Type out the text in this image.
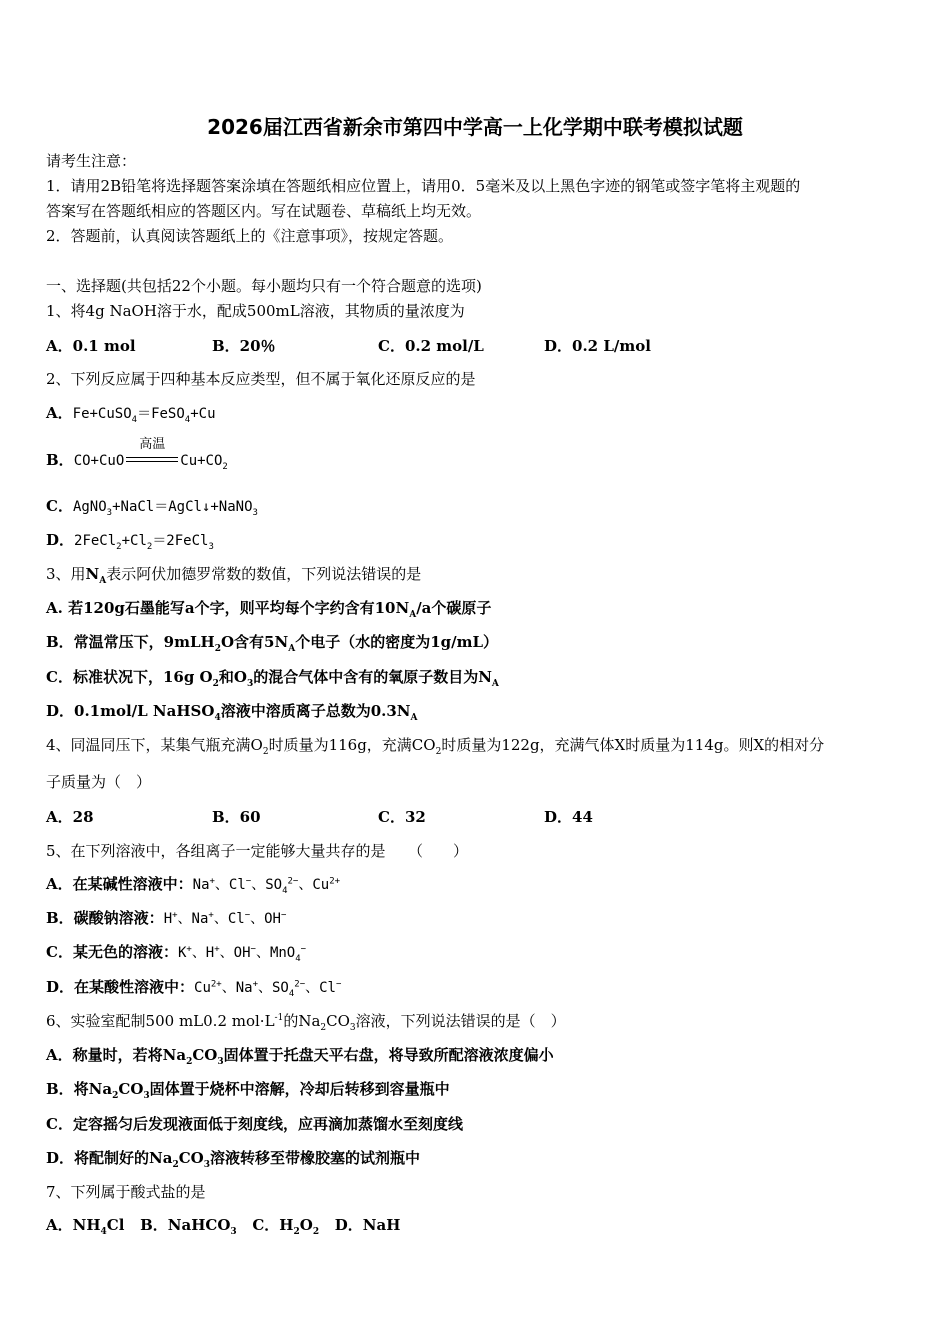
2026届江西省新余市第四中学高一上化学期中联考模拟试题
请考生注意：
1．请用2B铅笔将选择题答案涂填在答题纸相应位置上，请用0．5毫米及以上黑色字迹的钢笔或签字笔将主观题的
答案写在答题纸相应的答题区内。写在试题卷、草稿纸上均无效。
2．答题前，认真阅读答题纸上的《注意事项》，按规定答题。
一、选择题(共包括22个小题。每小题均只有一个符合题意的选项)
1、将4g NaOH溶于水，配成500mL溶液，其物质的量浓度为
A．0.1 mol	B．20％	C．0.2 mol/L	D．0.2 L/mol
2、下列反应属于四种基本反应类型，但不属于氧化还原反应的是
A．Fe+CuSO$_4$＝FeSO$_4$+Cu
B．CO+CuO
高温
$Cu+CO_2$
C．AgNO$_3$+NaCl＝AgCl↓+NaNO$_3$
D．$2FeCl_2+Cl_2=2FeCl_3$
3、用$N_A$表示阿伏加德罗常数的数值，下列说法错误的是
A. 若120g石墨能写a个字，则平均每个字约含有$10N_A/a$个碳原子
B．常温常压下，9mLH$_2$O含有$5N_A$个电子（水的密度为1g/mL）
C．标准状况下，16g $O_2$和$O_3$的混合气体中含有的氧原子数目为$N_A$
D．0.1mol/L NaHSO$_4$溶液中溶质离子总数为$0.3N_A$
4、同温同压下，某集气瓶充满$O_2$时质量为116g，充满$CO_2$时质量为122g，充满气体X时质量为114g。则X的相对分
子质量为（　）
A．28	B．60	C．32	D．44
5、在下列溶液中，各组离子一定能够大量共存的是　　（　　）
A．在某碱性溶液中：Na+、Cl−、$SO_4^{2-}$、$Cu^{2+}$
B．碳酸钠溶液：H+、Na+、Cl−、OH−
C．某无色的溶液：K+、H+、OH−、MnO$_4$−
D．在某酸性溶液中：$Cu^{2+}$、Na+、$SO_4^{2-}$、Cl−
6、实验室配制500 mL0.2 $mol\cdot L^{-1}$的$Na_2CO_3$溶液，下列说法错误的是（　）
A．称量时，若将$Na_2CO_3$固体置于托盘天平右盘，将导致所配溶液浓度偏小
B．将$Na_2CO_3$固体置于烧杯中溶解，冷却后转移到容量瓶中
C．定容摇匀后发现液面低于刻度线，应再滴加蒸馏水至刻度线
D．将配制好的$Na_2CO_3$溶液转移至带橡胶塞的试剂瓶中
7、下列属于酸式盐的是
A．$NH_4Cl$ B．NaHCO$_3$ C．$H_2O_2$ D．NaH
